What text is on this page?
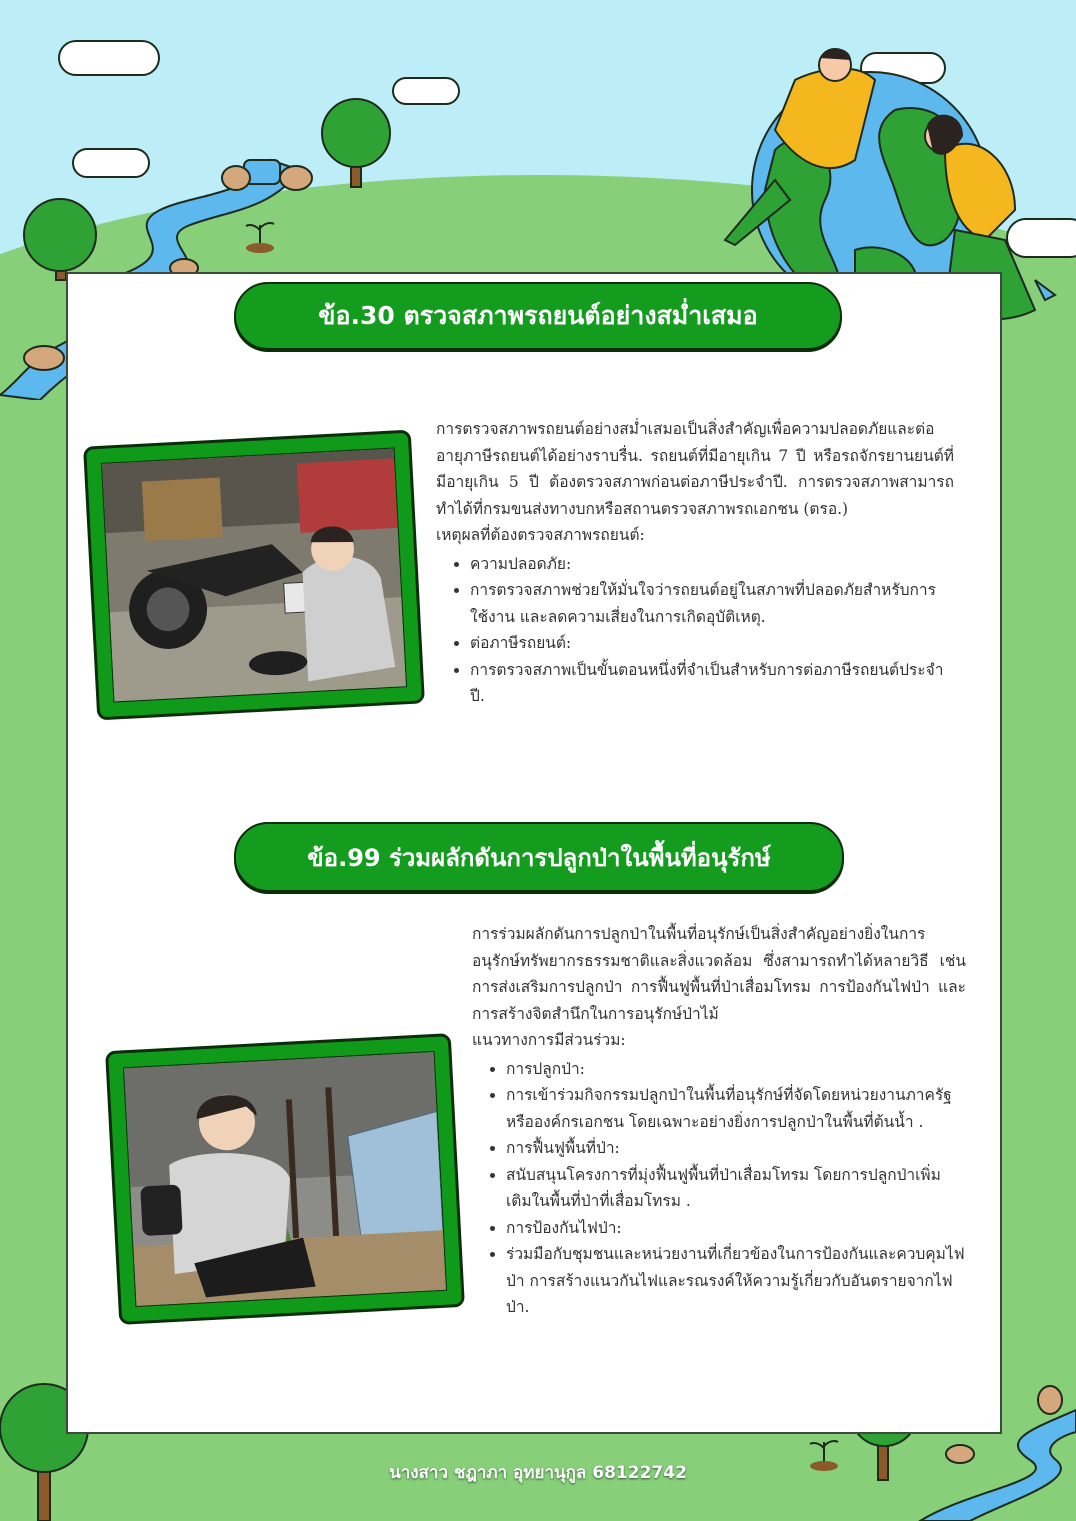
ข้อ.30 ตรวจสภาพรถยนต์อย่างสม่ำเสมอ

การตรวจสภาพรถยนต์อย่างสม่ำเสมอเป็นสิ่งสำคัญเพื่อความปลอดภัยและต่ออายุภาษีรถยนต์ได้อย่างราบรื่น. รถยนต์ที่มีอายุเกิน 7 ปี หรือรถจักรยานยนต์ที่มีอายุเกิน 5 ปี ต้องตรวจสภาพก่อนต่อภาษีประจำปี. การตรวจสภาพสามารถทำได้ที่กรมขนส่งทางบกหรือสถานตรวจสภาพรถเอกชน (ตรอ.)

เหตุผลที่ต้องตรวจสภาพรถยนต์:

• ความปลอดภัย:
• การตรวจสภาพช่วยให้มั่นใจว่ารถยนต์อยู่ในสภาพที่ปลอดภัยสำหรับการใช้งาน และลดความเสี่ยงในการเกิดอุบัติเหตุ.
• ต่อภาษีรถยนต์:
• การตรวจสภาพเป็นขั้นตอนหนึ่งที่จำเป็นสำหรับการต่อภาษีรถยนต์ประจำปี.
ข้อ.99 ร่วมผลักดันการปลูกป่าในพื้นที่อนุรักษ์

การร่วมผลักดันการปลูกป่าในพื้นที่อนุรักษ์เป็นสิ่งสำคัญอย่างยิ่งในการอนุรักษ์ทรัพยากรธรรมชาติและสิ่งแวดล้อม ซึ่งสามารถทำได้หลายวิธี เช่น การส่งเสริมการปลูกป่า การฟื้นฟูพื้นที่ป่าเสื่อมโทรม การป้องกันไฟป่า และการสร้างจิตสำนึกในการอนุรักษ์ป่าไม้

แนวทางการมีส่วนร่วม:

• การปลูกป่า:
• การเข้าร่วมกิจกรรมปลูกป่าในพื้นที่อนุรักษ์ที่จัดโดยหน่วยงานภาครัฐหรือองค์กรเอกชน โดยเฉพาะอย่างยิ่งการปลูกป่าในพื้นที่ต้นน้ำ .
• การฟื้นฟูพื้นที่ป่า:
• สนับสนุนโครงการที่มุ่งฟื้นฟูพื้นที่ป่าเสื่อมโทรม โดยการปลูกป่าเพิ่มเติมในพื้นที่ป่าที่เสื่อมโทรม .
• การป้องกันไฟป่า:
• ร่วมมือกับชุมชนและหน่วยงานที่เกี่ยวข้องในการป้องกันและควบคุมไฟป่า การสร้างแนวกันไฟและรณรงค์ให้ความรู้เกี่ยวกับอันตรายจากไฟป่า.
นางสาว ชฎาภา อุทยานุกูล 68122742
